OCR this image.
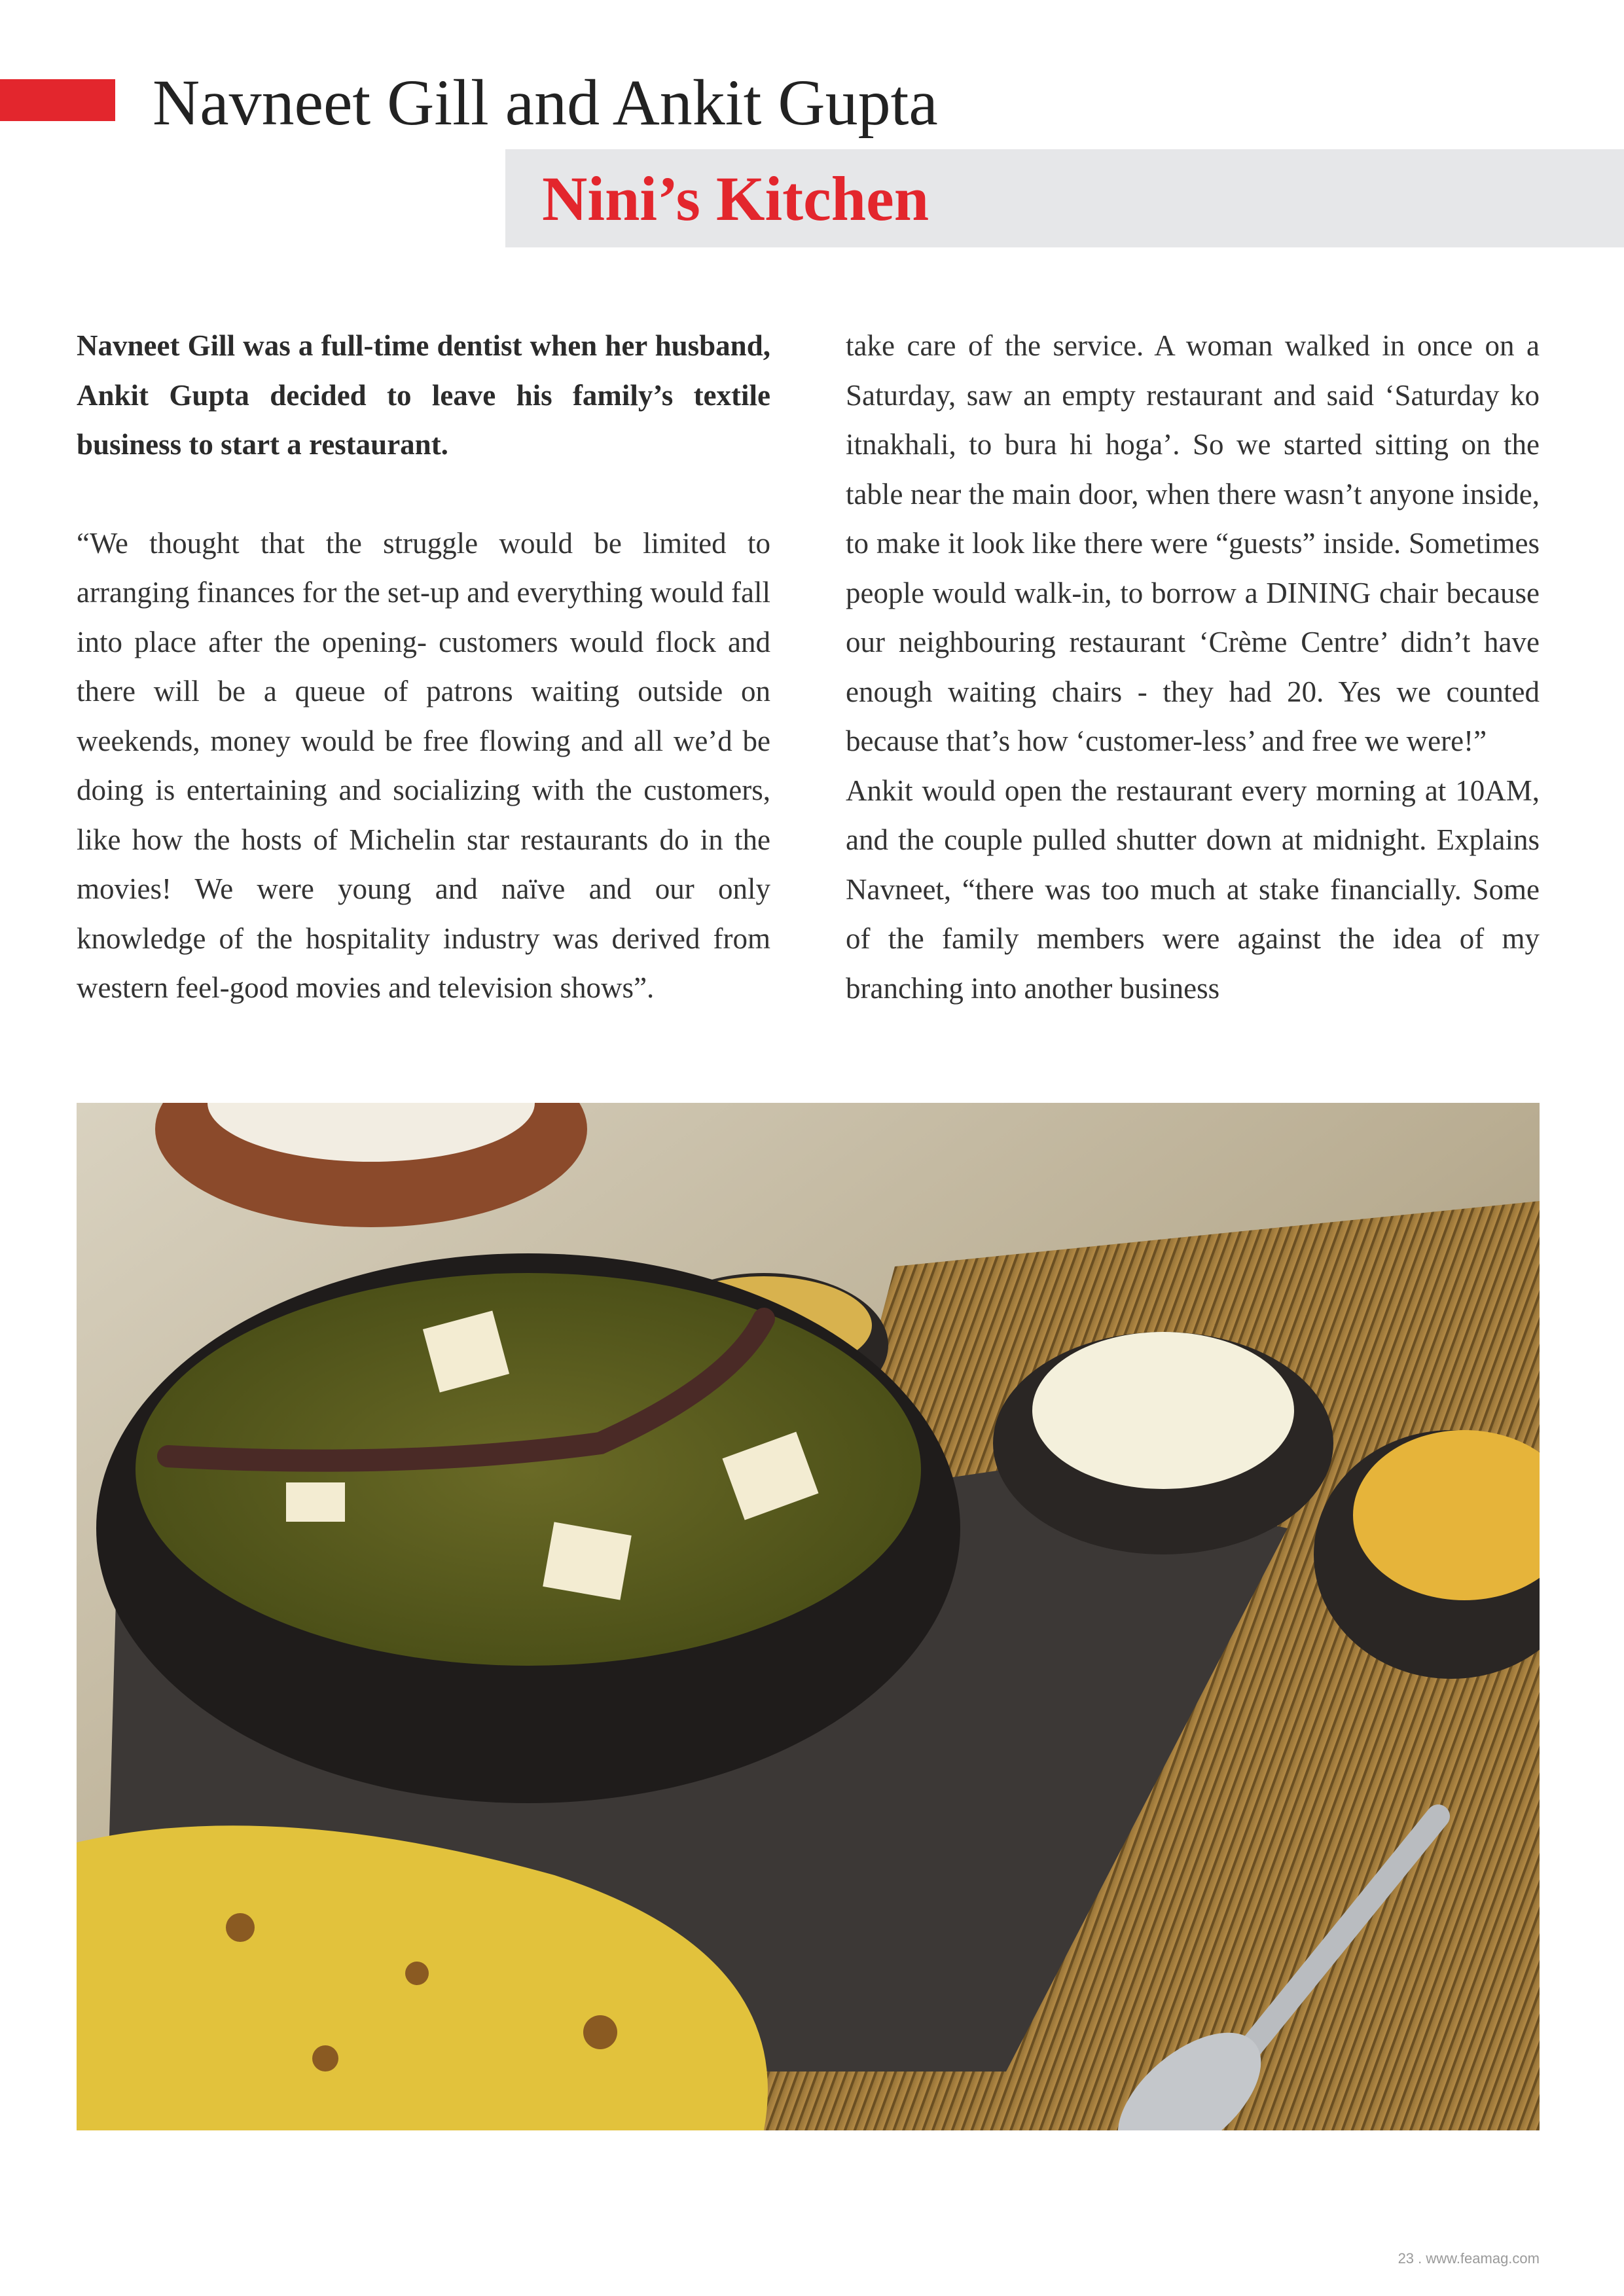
Navneet Gill and Ankit Gupta
Nini’s Kitchen

Navneet Gill was a full-time dentist when her husband, Ankit Gupta decided to leave his family’s textile business to start a restaurant.

“We thought that the struggle would be limited to arranging finances for the set-up and everything would fall into place after the opening- customers would flock and there will be a queue of patrons waiting outside on weekends, money would be free flowing and all we’d be doing is entertaining and socializing with the customers, like how the hosts of Michelin star restaurants do in the movies! We were young and naïve and our only knowledge of the hospitality industry was derived from western feel-good movies and television shows”.

take care of the service. A woman walked in once on a Saturday, saw an empty restaurant and said ‘Saturday ko itnakhali, to bura hi hoga’. So we started sitting on the table near the main door, when there wasn’t anyone inside, to make it look like there were “guests” inside. Sometimes people would walk-in, to borrow a DINING chair because our neighbouring restaurant ‘Crème Centre’ didn’t have enough waiting chairs - they had 20. Yes we counted because that’s how ‘customer-less’ and free we were!”

Ankit would open the restaurant every morning at 10AM, and the couple pulled shutter down at midnight. Explains Navneet, “there was too much at stake financially. Some of the family members were against the idea of my branching into another business

23 . www.feamag.com
